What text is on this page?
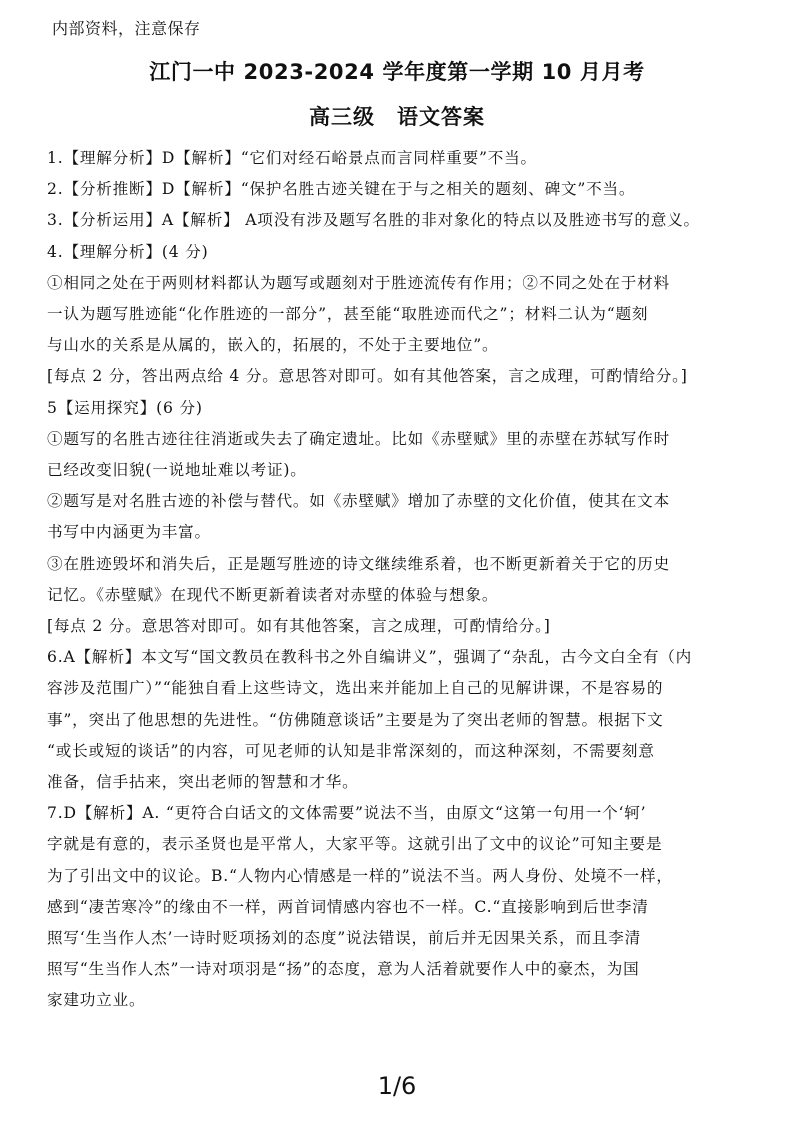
内部资料，注意保存
江门一中 2023-2024 学年度第一学期 10 月月考
高三级 语文答案
1.【理解分析】D【解析】“它们对经石峪景点而言同样重要”不当。
2.【分析推断】D【解析】“保护名胜古迹关键在于与之相关的题刻、碑文”不当。
3.【分析运用】A【解析】 A项没有涉及题写名胜的非对象化的特点以及胜迹书写的意义。
4.【理解分析】(4 分)
①相同之处在于两则材料都认为题写或题刻对于胜迹流传有作用；②不同之处在于材料
一认为题写胜迹能“化作胜迹的一部分”，甚至能“取胜迹而代之”；材料二认为“题刻
与山水的关系是从属的，嵌入的，拓展的，不处于主要地位”。
[每点 2 分，答出两点给 4 分。意思答对即可。如有其他答案，言之成理，可酌情给分。]
5【运用探究】(6 分)
①题写的名胜古迹往往消逝或失去了确定遗址。比如《赤壁赋》里的赤壁在苏轼写作时
已经改变旧貌(一说地址难以考证)。
②题写是对名胜古迹的补偿与替代。如《赤壁赋》增加了赤壁的文化价值，使其在文本
书写中内涵更为丰富。
③在胜迹毁坏和消失后，正是题写胜迹的诗文继续维系着，也不断更新着关于它的历史
记忆。《赤壁赋》在现代不断更新着读者对赤壁的体验与想象。
[每点 2 分。意思答对即可。如有其他答案，言之成理，可酌情给分。]
6.A【解析】本文写“国文教员在教科书之外自编讲义”，强调了“杂乱，古今文白全有（内
容涉及范围广）”“能独自看上这些诗文，选出来并能加上自己的见解讲课，不是容易的
事”，突出了他思想的先进性。“仿佛随意谈话”主要是为了突出老师的智慧。根据下文
“或长或短的谈话”的内容，可见老师的认知是非常深刻的，而这种深刻，不需要刻意
准备，信手拈来，突出老师的智慧和才华。
7.D【解析】A. “更符合白话文的文体需要”说法不当，由原文“这第一句用一个‘轲’
字就是有意的，表示圣贤也是平常人，大家平等。这就引出了文中的议论”可知主要是
为了引出文中的议论。B.“人物内心情感是一样的”说法不当。两人身份、处境不一样，
感到“凄苦寒冷”的缘由不一样，两首词情感内容也不一样。C.“直接影响到后世李清
照写‘生当作人杰’一诗时贬项扬刘的态度”说法错误，前后并无因果关系，而且李清
照写“生当作人杰”一诗对项羽是“扬”的态度，意为人活着就要作人中的豪杰，为国
家建功立业。
1/6
